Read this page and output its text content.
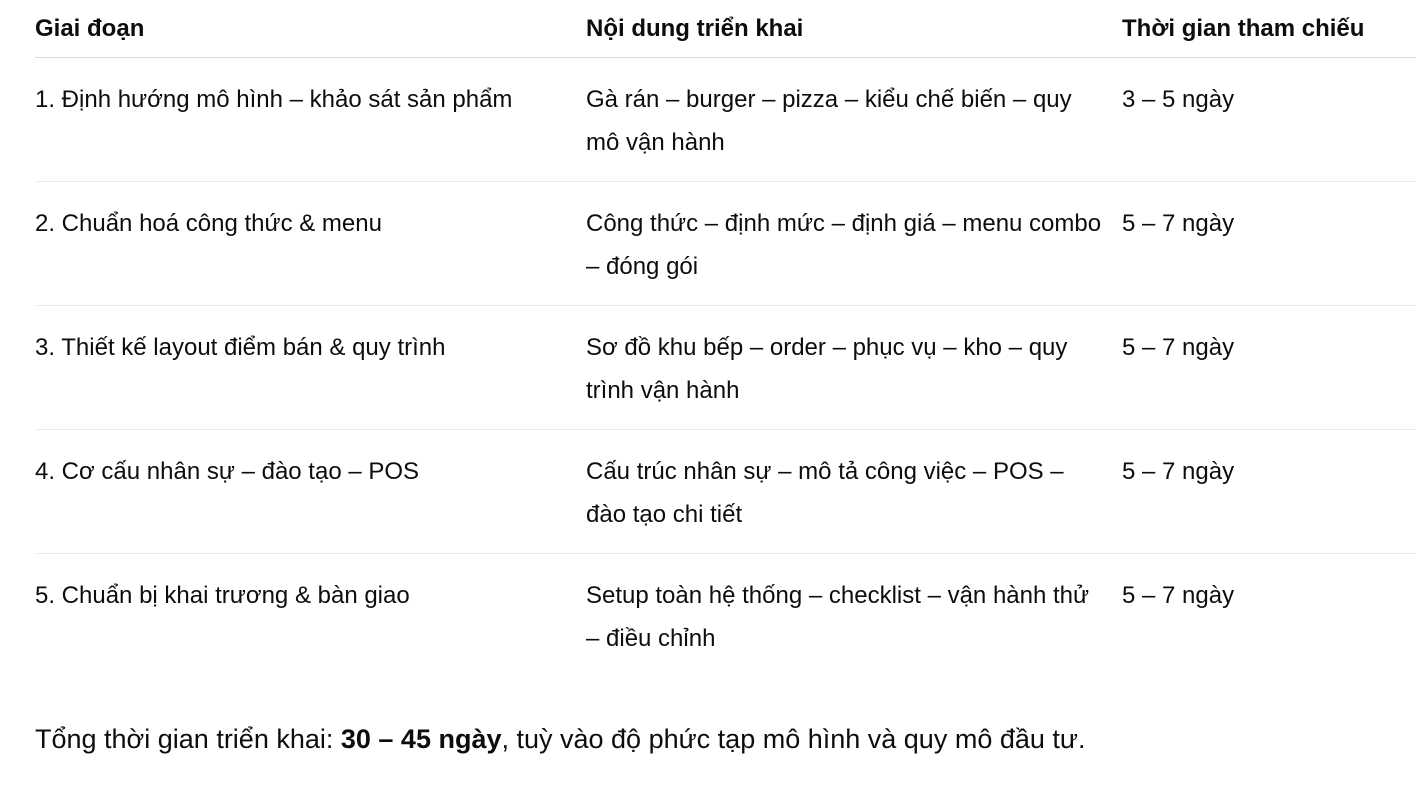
Giai đoạn	Nội dung triển khai	Thời gian tham chiếu

1. Định hướng mô hình – khảo sát sản phẩm	Gà rán – burger – pizza – kiểu chế biến – quy mô vận hành	3 – 5 ngày

2. Chuẩn hoá công thức & menu	Công thức – định mức – định giá – menu combo – đóng gói	5 – 7 ngày

3. Thiết kế layout điểm bán & quy trình	Sơ đồ khu bếp – order – phục vụ – kho – quy trình vận hành	5 – 7 ngày

4. Cơ cấu nhân sự – đào tạo – POS	Cấu trúc nhân sự – mô tả công việc – POS – đào tạo chi tiết	5 – 7 ngày

5. Chuẩn bị khai trương & bàn giao	Setup toàn hệ thống – checklist – vận hành thử – điều chỉnh	5 – 7 ngày

Tổng thời gian triển khai: 30 – 45 ngày, tuỳ vào độ phức tạp mô hình và quy mô đầu tư.
